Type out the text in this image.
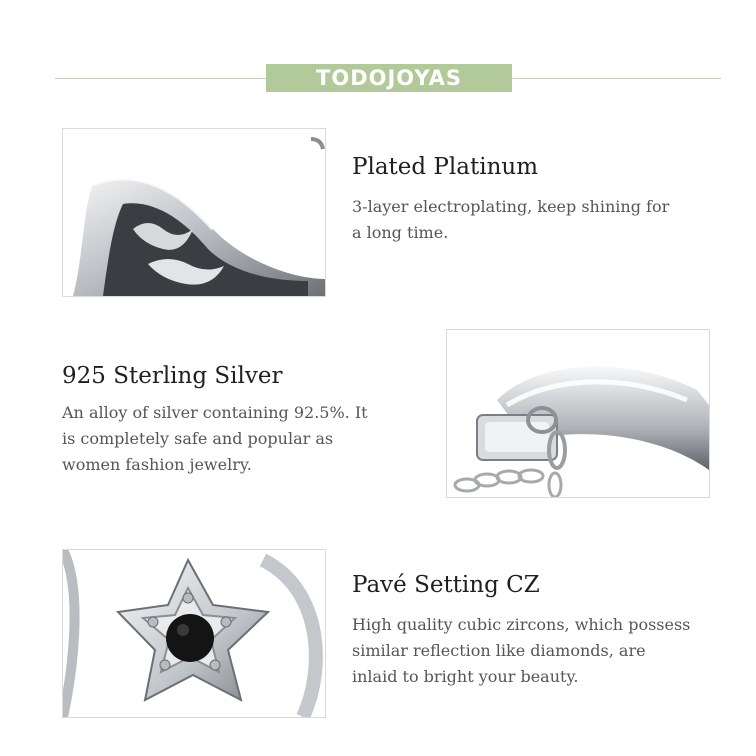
TODOJOYAS
Plated Platinum
3-layer electroplating, keep shining for
a long time.
925 Sterling Silver
An alloy of silver containing 92.5%. It
is completely safe and popular as
women fashion jewelry.
Pavé Setting CZ
High quality cubic zircons, which possess
similar reflection like diamonds, are
inlaid to bright your beauty.
